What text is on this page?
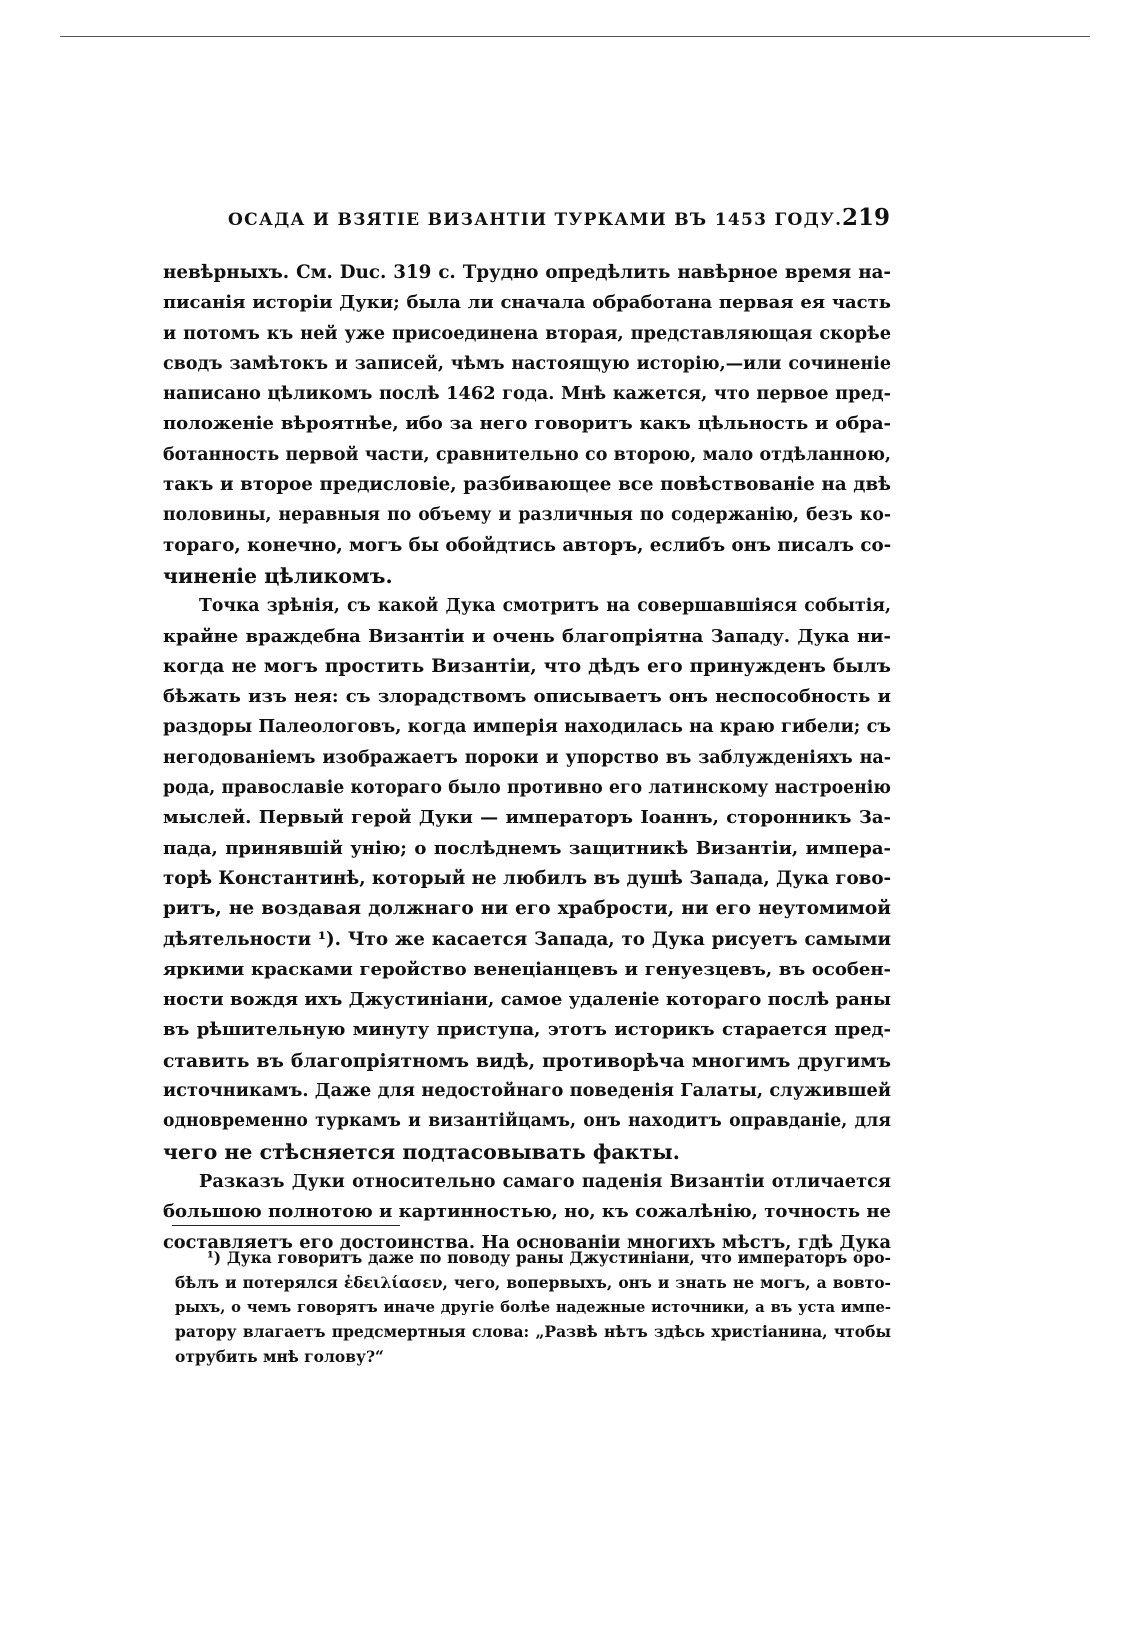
ОСАДА И ВЗЯТІЕ ВИЗАНТІИ ТУРКАМИ ВЪ 1453 ГОДУ. 219
невѣрныхъ. См. Duc. 319 с. Трудно опредѣлить навѣрное время на-
писанія исторіи Дуки; была ли сначала обработана первая ея часть
и потомъ къ ней уже присоединена вторая, представляющая скорѣе
сводъ замѣтокъ и записей, чѣмъ настоящую исторію,—или сочиненіе
написано цѣликомъ послѣ 1462 года. Мнѣ кажется, что первое пред-
положеніе вѣроятнѣе, ибо за него говоритъ какъ цѣльность и обра-
ботанность первой части, сравнительно со второю, мало отдѣланною,
такъ и второе предисловіе, разбивающее все повѣствованіе на двѣ
половины, неравныя по объему и различныя по содержанію, безъ ко-
тораго, конечно, могъ бы обойдтись авторъ, еслибъ онъ писалъ со-
чиненіе цѣликомъ.
Точка зрѣнія, съ какой Дука смотритъ на совершавшіяся событія,
крайне враждебна Византіи и очень благопріятна Западу. Дука ни-
когда не могъ простить Византіи, что дѣдъ его принужденъ былъ
бѣжать изъ нея: съ злорадствомъ описываетъ онъ неспособность и
раздоры Палеологовъ, когда имперія находилась на краю гибели; съ
негодованіемъ изображаетъ пороки и упорство въ заблужденіяхъ на-
рода, православіе котораго было противно его латинскому настроенію
мыслей. Первый герой Дуки — императоръ Іоаннъ, сторонникъ За-
пада, принявшій унію; о послѣднемъ защитникѣ Византіи, импера-
торѣ Константинѣ, который не любилъ въ душѣ Запада, Дука гово-
ритъ, не воздавая должнаго ни его храбрости, ни его неутомимой
дѣятельности ¹). Что же касается Запада, то Дука рисуетъ самыми
яркими красками геройство венеціанцевъ и генуезцевъ, въ особен-
ности вождя ихъ Джустиніани, самое удаленіе котораго послѣ раны
въ рѣшительную минуту приступа, этотъ историкъ старается пред-
ставить въ благопріятномъ видѣ, противорѣча многимъ другимъ
источникамъ. Даже для недостойнаго поведенія Галаты, служившей
одновременно туркамъ и византійцамъ, онъ находитъ оправданіе, для
чего не стѣсняется подтасовывать факты.
Разказъ Дуки относительно самаго паденія Византіи отличается
большою полнотою и картинностью, но, къ сожалѣнію, точность не
составляетъ его достоинства. На основаніи многихъ мѣстъ, гдѣ Дука
¹) Дука говоритъ даже по поводу раны Джустиніани, что императоръ оро-
бѣлъ и потерялся ἐδειλίασεν, чего, вопервыхъ, онъ и знать не могъ, а вовто-
рыхъ, о чемъ говорятъ иначе другіе болѣе надежные источники, а въ уста импе-
ратору влагаетъ предсмертныя слова: „Развѣ нѣтъ здѣсь христіанина, чтобы
отрубить мнѣ голову?“
